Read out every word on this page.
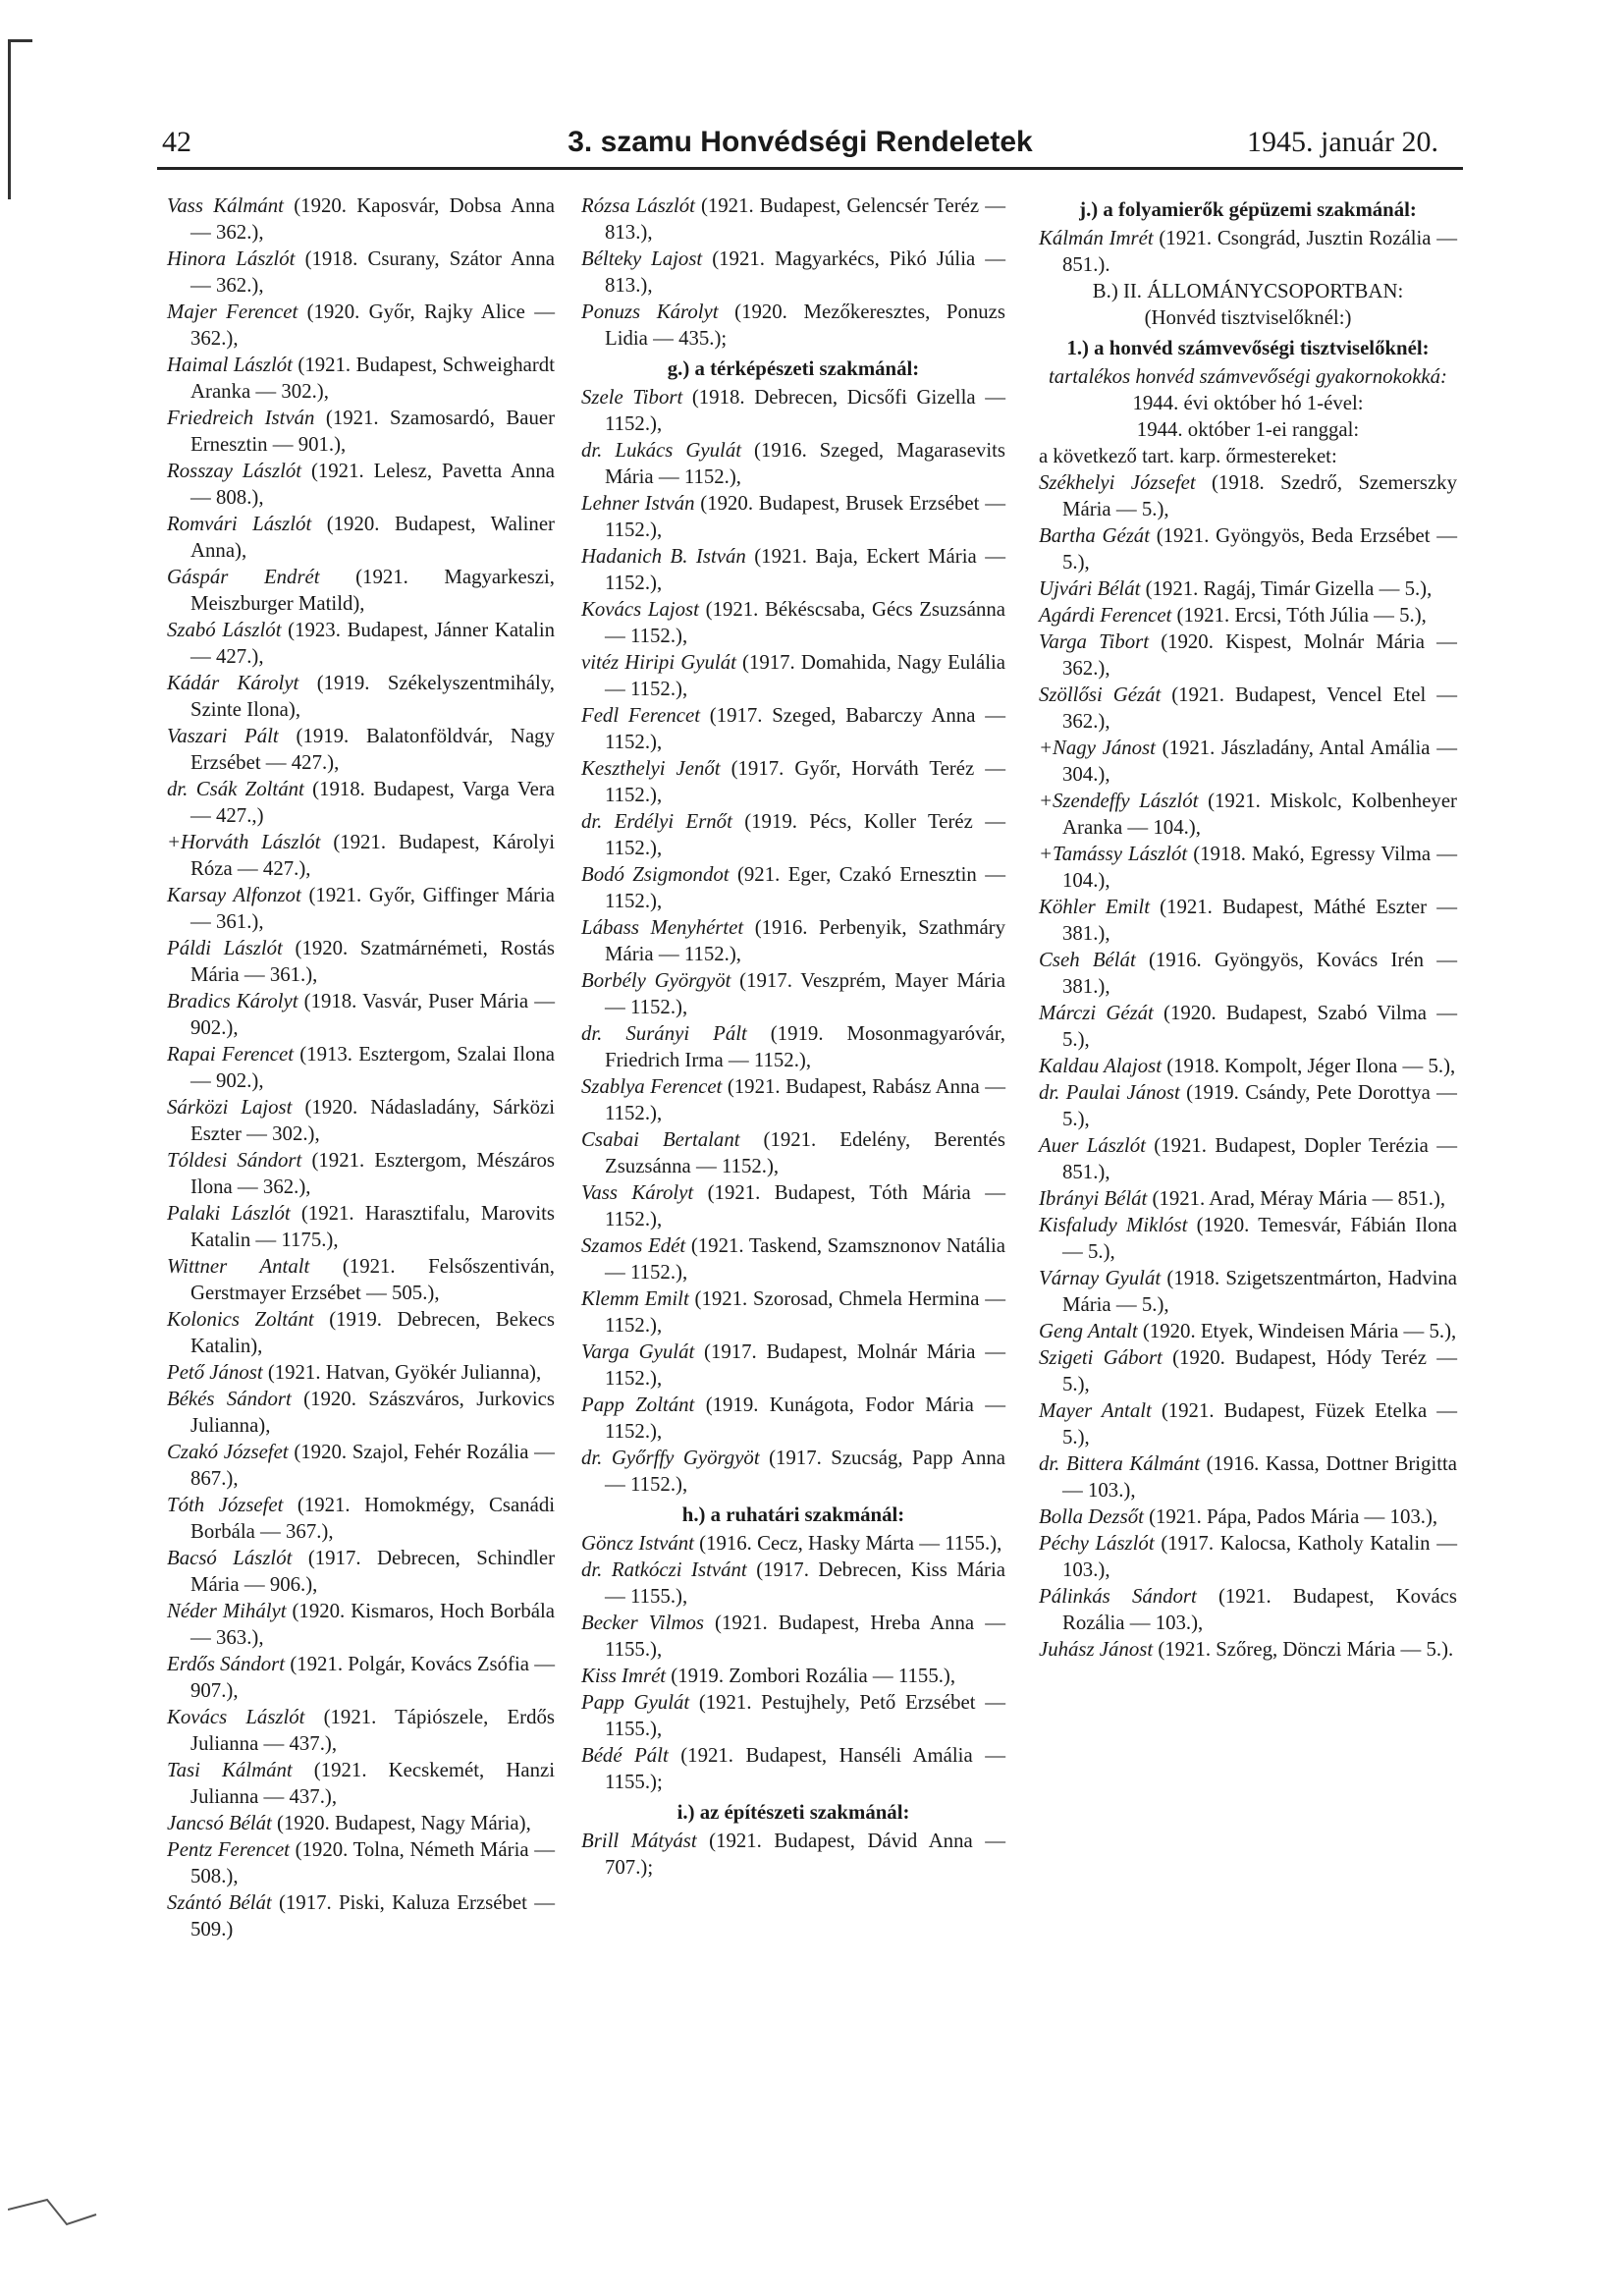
42	3. szamu Honvédségi Rendeletek	1945. január 20.

Vass Kálmánt (1920. Kaposvár, Dobsa Anna — 362.),

Hinora Lászlót (1918. Csurany, Szátor Anna — 362.),

Majer Ferencet (1920. Győr, Rajky Alice — 362.),

Haimal Lászlót (1921. Budapest, Schweighardt Aranka — 302.),

Friedreich István (1921. Szamosardó, Bauer Ernesztin — 901.),

Rosszay Lászlót (1921. Lelesz, Pavetta Anna — 808.),

Romvári Lászlót (1920. Budapest, Waliner Anna),

Gáspár Endrét (1921. Magyarkeszi, Meiszburger Matild),

Szabó Lászlót (1923. Budapest, Jánner Katalin — 427.),

Kádár Károlyt (1919. Székelyszentmihály, Szinte Ilona),

Vaszari Pált (1919. Balatonföldvár, Nagy Erzsébet — 427.),

dr. Csák Zoltánt (1918. Budapest, Varga Vera — 427.,)

+Horváth Lászlót (1921. Budapest, Károlyi Róza — 427.),

Karsay Alfonzot (1921. Győr, Giffinger Mária — 361.),

Páldi Lászlót (1920. Szatmárnémeti, Rostás Mária — 361.),

Bradics Károlyt (1918. Vasvár, Puser Mária — 902.),

Rapai Ferencet (1913. Esztergom, Szalai Ilona — 902.),

Sárközi Lajost (1920. Nádasladány, Sárközi Eszter — 302.),

Tóldesi Sándort (1921. Esztergom, Mészáros Ilona — 362.),

Palaki Lászlót (1921. Harasztifalu, Marovits Katalin — 1175.),

Wittner Antalt (1921. Felsőszentiván, Gerstmayer Erzsébet — 505.),

Kolonics Zoltánt (1919. Debrecen, Bekecs Katalin),

Pető Jánost (1921. Hatvan, Gyökér Julianna),

Békés Sándort (1920. Szászváros, Jurkovics Julianna),

Czakó Józsefet (1920. Szajol, Fehér Rozália — 867.),

Tóth Józsefet (1921. Homokmégy, Csanádi Borbála — 367.),

Bacsó Lászlót (1917. Debrecen, Schindler Mária — 906.),

Néder Mihályt (1920. Kismaros, Hoch Borbála — 363.),

Erdős Sándort (1921. Polgár, Kovács Zsófia — 907.),

Kovács Lászlót (1921. Tápiószele, Erdős Julianna — 437.),

Tasi Kálmánt (1921. Kecskemét, Hanzi Julianna — 437.),

Jancsó Bélát (1920. Budapest, Nagy Mária),

Pentz Ferencet (1920. Tolna, Németh Mária — 508.),

Szántó Bélát (1917. Piski, Kaluza Erzsébet — 509.)

Rózsa Lászlót (1921. Budapest, Gelencsér Teréz — 813.),

Bélteky Lajost (1921. Magyarkécs, Pikó Júlia — 813.),

Ponuzs Károlyt (1920. Mezőkeresztes, Ponuzs Lidia — 435.);

g.) a térképészeti szakmánál:

Szele Tibort (1918. Debrecen, Dicsőfi Gizella — 1152.),

dr. Lukács Gyulát (1916. Szeged, Magarasevits Mária — 1152.),

Lehner István (1920. Budapest, Brusek Erzsébet — 1152.),

Hadanich B. István (1921. Baja, Eckert Mária — 1152.),

Kovács Lajost (1921. Békéscsaba, Gécs Zsuzsánna — 1152.),

vitéz Hiripi Gyulát (1917. Domahida, Nagy Eulália — 1152.),

Fedl Ferencet (1917. Szeged, Babarczy Anna — 1152.),

Keszthelyi Jenőt (1917. Győr, Horváth Teréz — 1152.),

dr. Erdélyi Ernőt (1919. Pécs, Koller Teréz — 1152.),

Bodó Zsigmondot (921. Eger, Czakó Ernesztin — 1152.),

Lábass Menyhértet (1916. Perbenyik, Szathmáry Mária — 1152.),

Borbély Györgyöt (1917. Veszprém, Mayer Mária — 1152.),

dr. Surányi Pált (1919. Mosonmagyaróvár, Friedrich Irma — 1152.),

Szablya Ferencet (1921. Budapest, Rabász Anna — 1152.),

Csabai Bertalant (1921. Edelény, Berentés Zsuzsánna — 1152.),

Vass Károlyt (1921. Budapest, Tóth Mária — 1152.),

Szamos Edét (1921. Taskend, Szamsznonov Natália — 1152.),

Klemm Emilt (1921. Szorosad, Chmela Hermina — 1152.),

Varga Gyulát (1917. Budapest, Molnár Mária — 1152.),

Papp Zoltánt (1919. Kunágota, Fodor Mária — 1152.),

dr. Győrffy Györgyöt (1917. Szucság, Papp Anna — 1152.),

h.) a ruhatári szakmánál:

Göncz Istvánt (1916. Cecz, Hasky Márta — 1155.),

dr. Ratkóczi Istvánt (1917. Debrecen, Kiss Mária — 1155.),

Becker Vilmos (1921. Budapest, Hreba Anna — 1155.),

Kiss Imrét (1919. Zombori Rozália — 1155.),

Papp Gyulát (1921. Pestujhely, Pető Erzsébet — 1155.),

Bédé Pált (1921. Budapest, Hanséli Amália — 1155.);

i.) az építészeti szakmánál:

Brill Mátyást (1921. Budapest, Dávid Anna — 707.);

j.) a folyamierők gépüzemi szakmánál:

Kálmán Imrét (1921. Csongrád, Jusztin Rozália — 851.).

B.) II. ÁLLOMÁNYCSOPORTBAN:

(Honvéd tisztviselőknél:)

1.) a honvéd számvevőségi tisztviselőknél:

tartalékos honvéd számvevőségi gyakornokokká:

1944. évi október hó 1-ével:

1944. október 1-ei ranggal:

a következő tart. karp. őrmestereket:

Székhelyi Józsefet (1918. Szedrő, Szemerszky Mária — 5.),

Bartha Gézát (1921. Gyöngyös, Beda Erzsébet — 5.),

Ujvári Bélát (1921. Ragáj, Timár Gizella — 5.),

Agárdi Ferencet (1921. Ercsi, Tóth Júlia — 5.),

Varga Tibort (1920. Kispest, Molnár Mária — 362.),

Szöllősi Gézát (1921. Budapest, Vencel Etel — 362.),

+Nagy Jánost (1921. Jászladány, Antal Amália — 304.),

+Szendeffy Lászlót (1921. Miskolc, Kolbenheyer Aranka — 104.),

+Tamássy Lászlót (1918. Makó, Egressy Vilma — 104.),

Köhler Emilt (1921. Budapest, Máthé Eszter — 381.),

Cseh Bélát (1916. Gyöngyös, Kovács Irén — 381.),

Márczi Gézát (1920. Budapest, Szabó Vilma — 5.),

Kaldau Alajost (1918. Kompolt, Jéger Ilona — 5.),

dr. Paulai Jánost (1919. Csándy, Pete Dorottya — 5.),

Auer Lászlót (1921. Budapest, Dopler Terézia — 851.),

Ibrányi Bélát (1921. Arad, Méray Mária — 851.),

Kisfaludy Miklóst (1920. Temesvár, Fábián Ilona — 5.),

Várnay Gyulát (1918. Szigetszentmárton, Hadvina Mária — 5.),

Geng Antalt (1920. Etyek, Windeisen Mária — 5.),

Szigeti Gábort (1920. Budapest, Hódy Teréz — 5.),

Mayer Antalt (1921. Budapest, Füzek Etelka — 5.),

dr. Bittera Kálmánt (1916. Kassa, Dottner Brigitta — 103.),

Bolla Dezsőt (1921. Pápa, Pados Mária — 103.),

Péchy Lászlót (1917. Kalocsa, Katholy Katalin — 103.),

Pálinkás Sándort (1921. Budapest, Kovács Rozália — 103.),

Juhász Jánost (1921. Szőreg, Dönczi Mária — 5.).
